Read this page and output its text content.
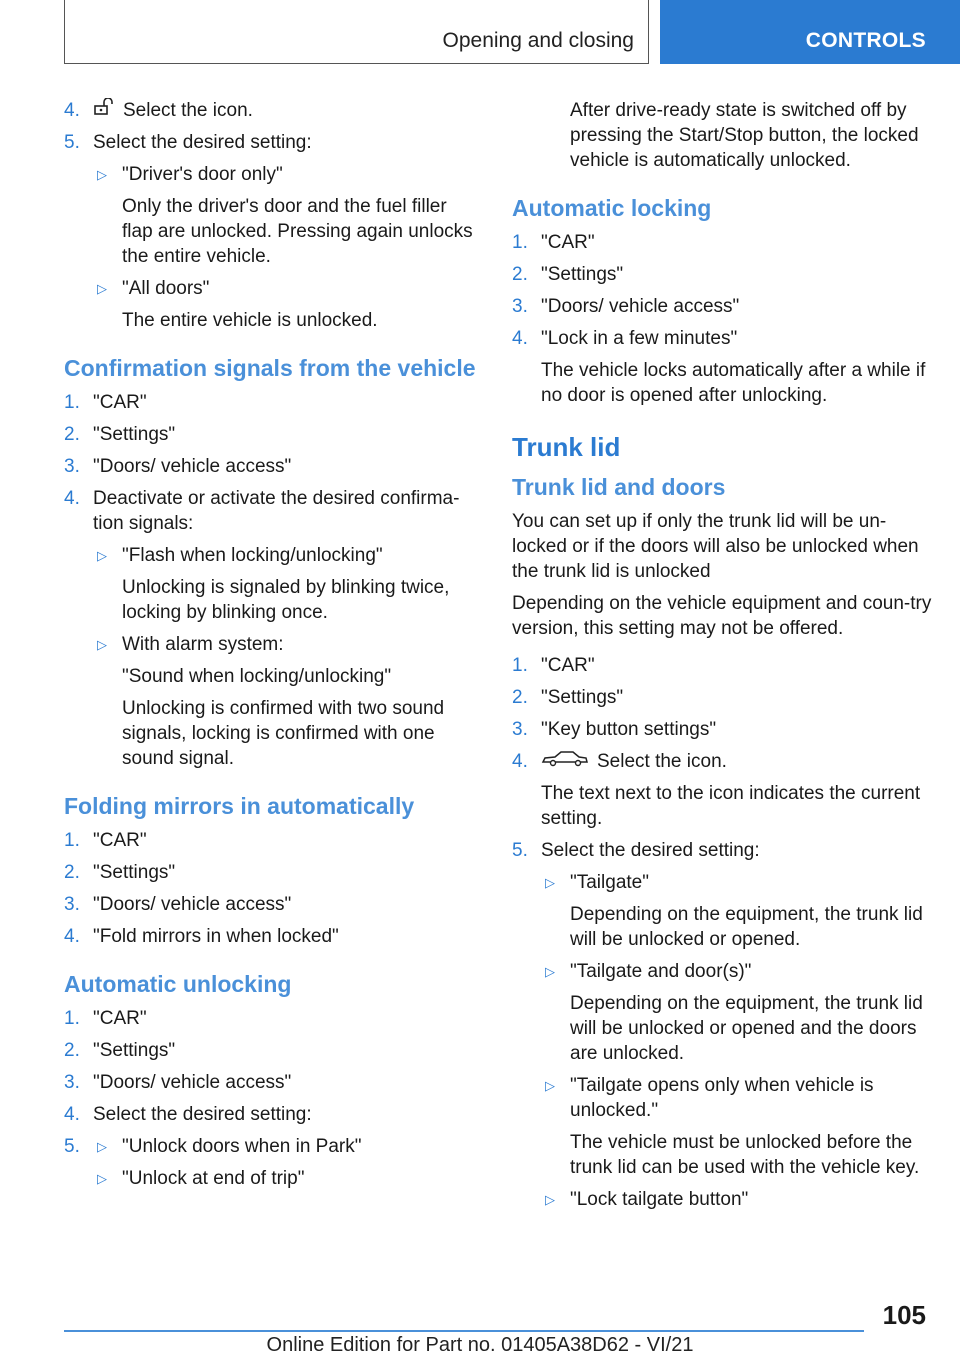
Opening and closing	CONTROLS
4. Select the icon.
5. Select the desired setting:
▷ "Driver's door only"
Only the driver's door and the fuel filler flap are unlocked. Pressing again unlocks the entire vehicle.
▷ "All doors"
The entire vehicle is unlocked.
Confirmation signals from the vehicle
1. "CAR"
2. "Settings"
3. "Doors/ vehicle access"
4. Deactivate or activate the desired confirma‐tion signals:
▷ "Flash when locking/unlocking"
Unlocking is signaled by blinking twice, locking by blinking once.
▷ With alarm system:
"Sound when locking/unlocking"
Unlocking is confirmed with two sound signals, locking is confirmed with one sound signal.
Folding mirrors in automatically
1. "CAR"
2. "Settings"
3. "Doors/ vehicle access"
4. "Fold mirrors in when locked"
Automatic unlocking
1. "CAR"
2. "Settings"
3. "Doors/ vehicle access"
4. Select the desired setting:
5. ▷ "Unlock doors when in Park"
▷ "Unlock at end of trip"
After drive-ready state is switched off by pressing the Start/Stop button, the locked vehicle is automatically unlocked.
Automatic locking
1. "CAR"
2. "Settings"
3. "Doors/ vehicle access"
4. "Lock in a few minutes"
The vehicle locks automatically after a while if no door is opened after unlocking.
Trunk lid
Trunk lid and doors
You can set up if only the trunk lid will be un‐locked or if the doors will also be unlocked when the trunk lid is unlocked
Depending on the vehicle equipment and coun‐try version, this setting may not be offered.
1. "CAR"
2. "Settings"
3. "Key button settings"
4.	Select the icon.
The text next to the icon indicates the current setting.
5. Select the desired setting:
▷ "Tailgate"
Depending on the equipment, the trunk lid will be unlocked or opened.
▷ "Tailgate and door(s)"
Depending on the equipment, the trunk lid will be unlocked or opened and the doors are unlocked.
▷ "Tailgate opens only when vehicle is unlocked."
The vehicle must be unlocked before the trunk lid can be used with the vehicle key.
▷ "Lock tailgate button"
105
Online Edition for Part no. 01405A38D62 - VI/21
